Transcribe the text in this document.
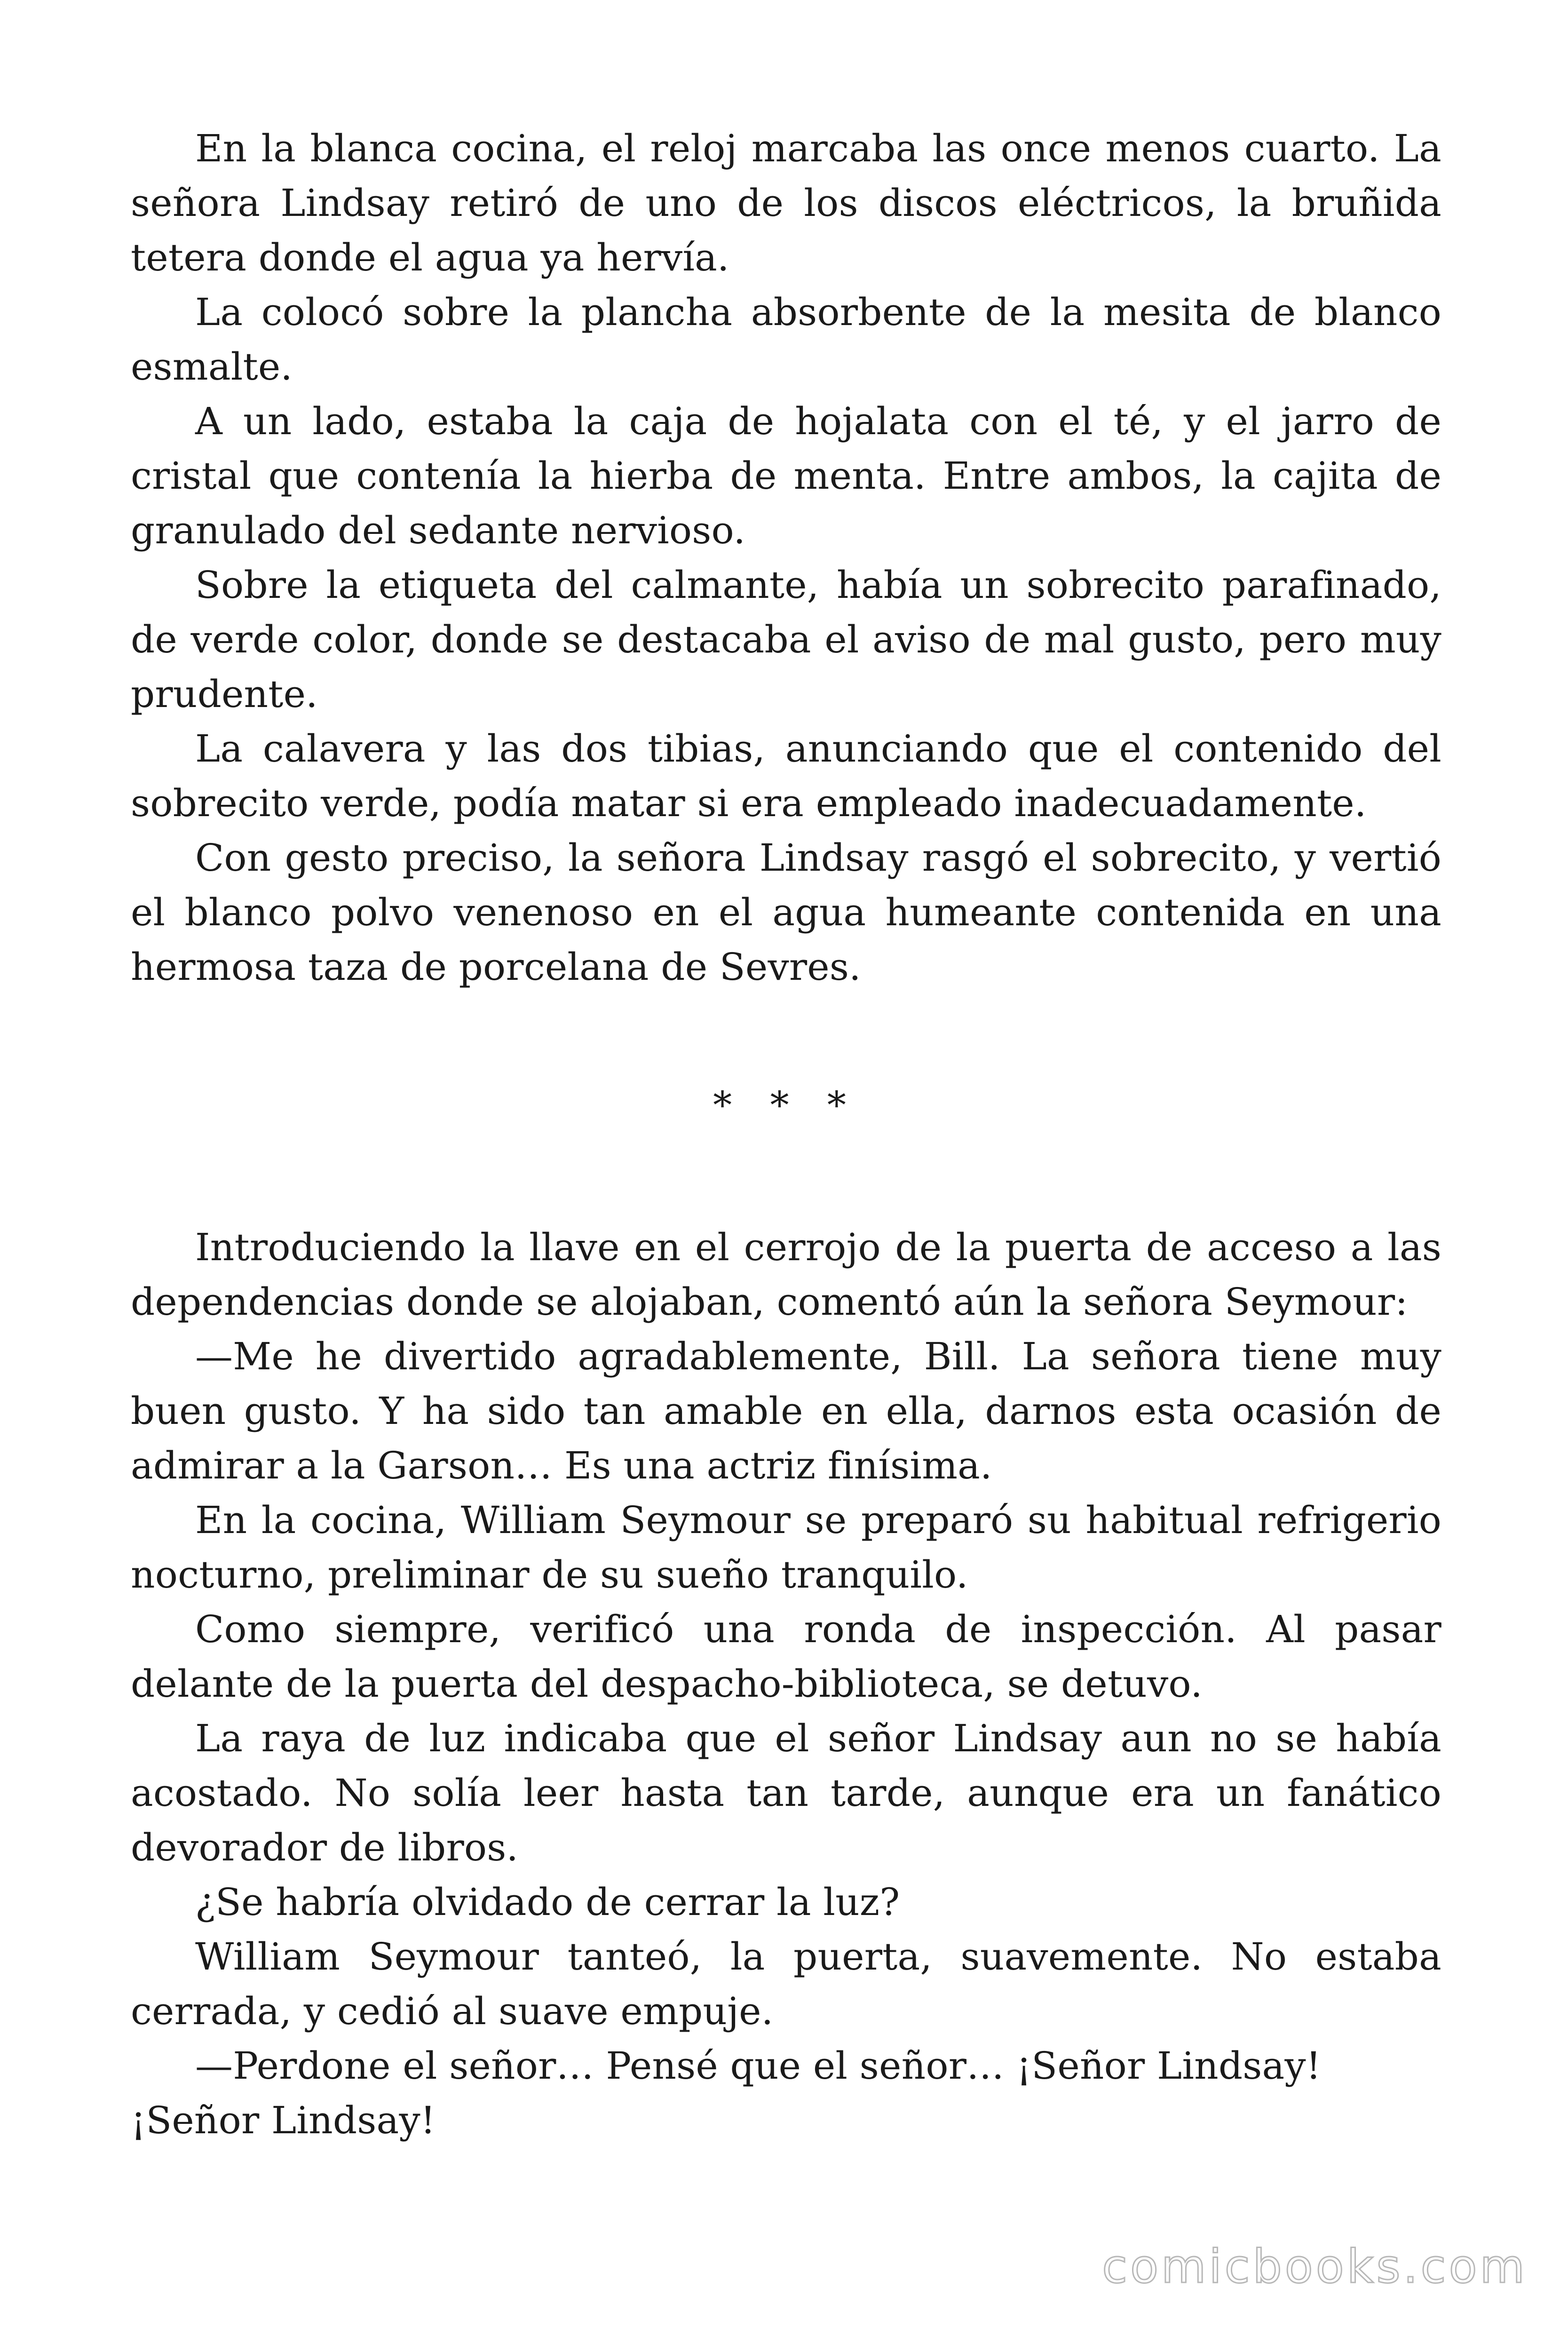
En la blanca cocina, el reloj marcaba las once menos cuarto. La señora Lindsay retiró de uno de los discos eléctricos, la bruñida tetera donde el agua ya hervía.

La colocó sobre la plancha absorbente de la mesita de blanco esmalte.

A un lado, estaba la caja de hojalata con el té, y el jarro de cristal que contenía la hierba de menta. Entre ambos, la cajita de granulado del sedante nervioso.

Sobre la etiqueta del calmante, había un sobrecito parafinado, de verde color, donde se destacaba el aviso de mal gusto, pero muy prudente.

La calavera y las dos tibias, anunciando que el contenido del sobrecito verde, podía matar si era empleado inadecuadamente.

Con gesto preciso, la señora Lindsay rasgó el sobrecito, y vertió el blanco polvo venenoso en el agua humeante contenida en una hermosa taza de porcelana de Sevres.

* * *

Introduciendo la llave en el cerrojo de la puerta de acceso a las dependencias donde se alojaban, comentó aún la señora Seymour:

—Me he divertido agradablemente, Bill. La señora tiene muy buen gusto. Y ha sido tan amable en ella, darnos esta ocasión de admirar a la Garson… Es una actriz finísima.

En la cocina, William Seymour se preparó su habitual refrigerio nocturno, preliminar de su sueño tranquilo.

Como siempre, verificó una ronda de inspección. Al pasar delante de la puerta del despacho-biblioteca, se detuvo.

La raya de luz indicaba que el señor Lindsay aun no se había acostado. No solía leer hasta tan tarde, aunque era un fanático devorador de libros.

¿Se habría olvidado de cerrar la luz?

William Seymour tanteó, la puerta, suavemente. No estaba cerrada, y cedió al suave empuje.

—Perdone el señor… Pensé que el señor… ¡Señor Lindsay!

¡Señor Lindsay!

comicbooks.com
